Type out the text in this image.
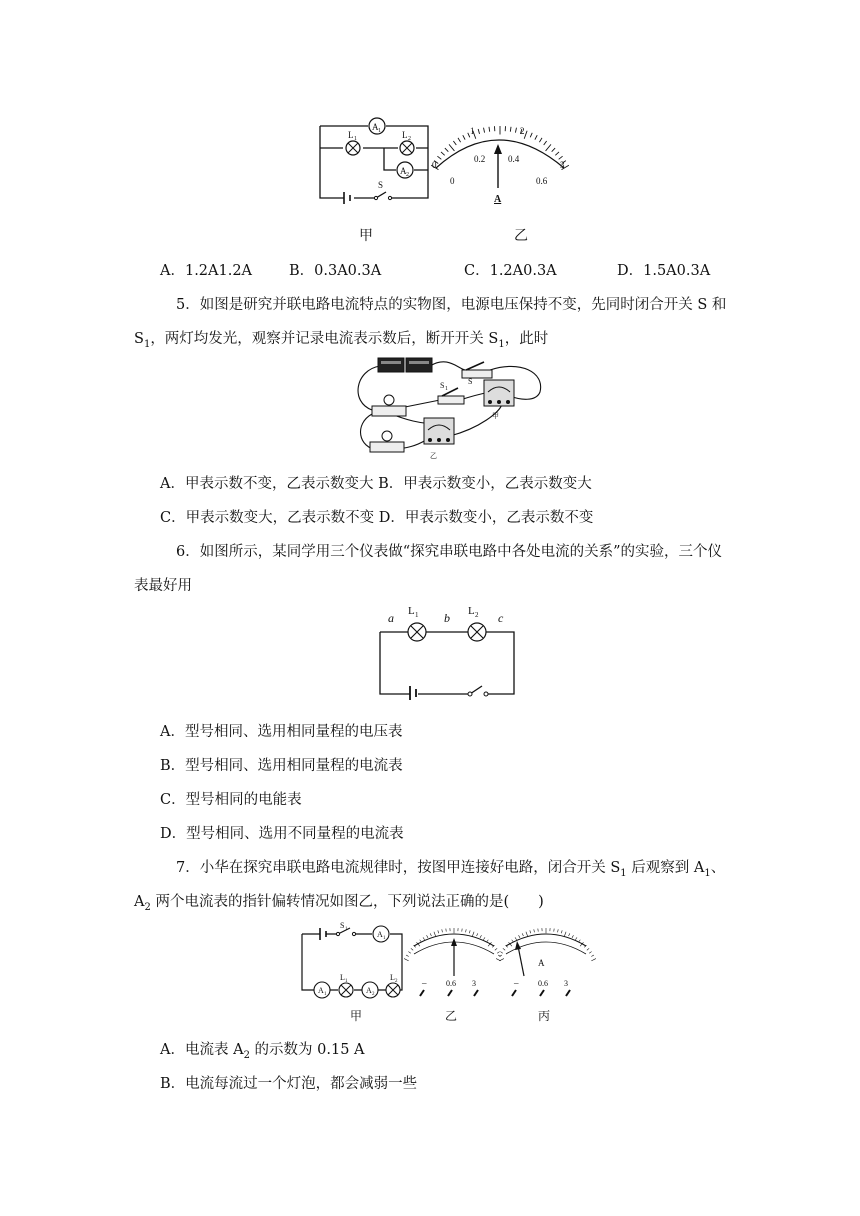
A 1
L 1	L 2
A 2
S
0
1	2
3
0
0.2	0.4
0.6
A
甲	乙
A．1.2A1.2A	B．0.3A0.3A	C．1.2A0.3A	D．1.5A0.3A
5．如图是研究并联电路电流特点的实物图，电源电压保持不变，先同时闭合开关 S 和
$S_1$，两灯均发光，观察并记录电流表示数后，断开开关 $S_1$，此时
S
S 1
甲
乙
A．甲表示数不变，乙表示数变大 B．甲表示数变小，乙表示数变大
C．甲表示数变大，乙表示数不变 D．甲表示数变小，乙表示数不变
6．如图所示，某同学用三个仪表做“探究串联电路中各处电流的关系”的实验，三个仪
表最好用
a	b	c
L 1	L 2
A．型号相同、选用相同量程的电压表
B．型号相同、选用相同量程的电流表
C．型号相同的电能表
D．型号相同、选用不同量程的电流表
7．小华在探究串联电路电流规律时，按图甲连接好电路，闭合开关 $S_1$ 后观察到 $A_1$、
$A_2$ 两个电流表的指针偏转情况如图乙，下列说法正确的是(　　)
S 1
A 1
A 1
L 1
A 2
L 2	– 0.6 3
A
– 0.6 3
甲	乙	丙
A．电流表 $A_2$ 的示数为 0.15 A
B．电流每流过一个灯泡，都会减弱一些
